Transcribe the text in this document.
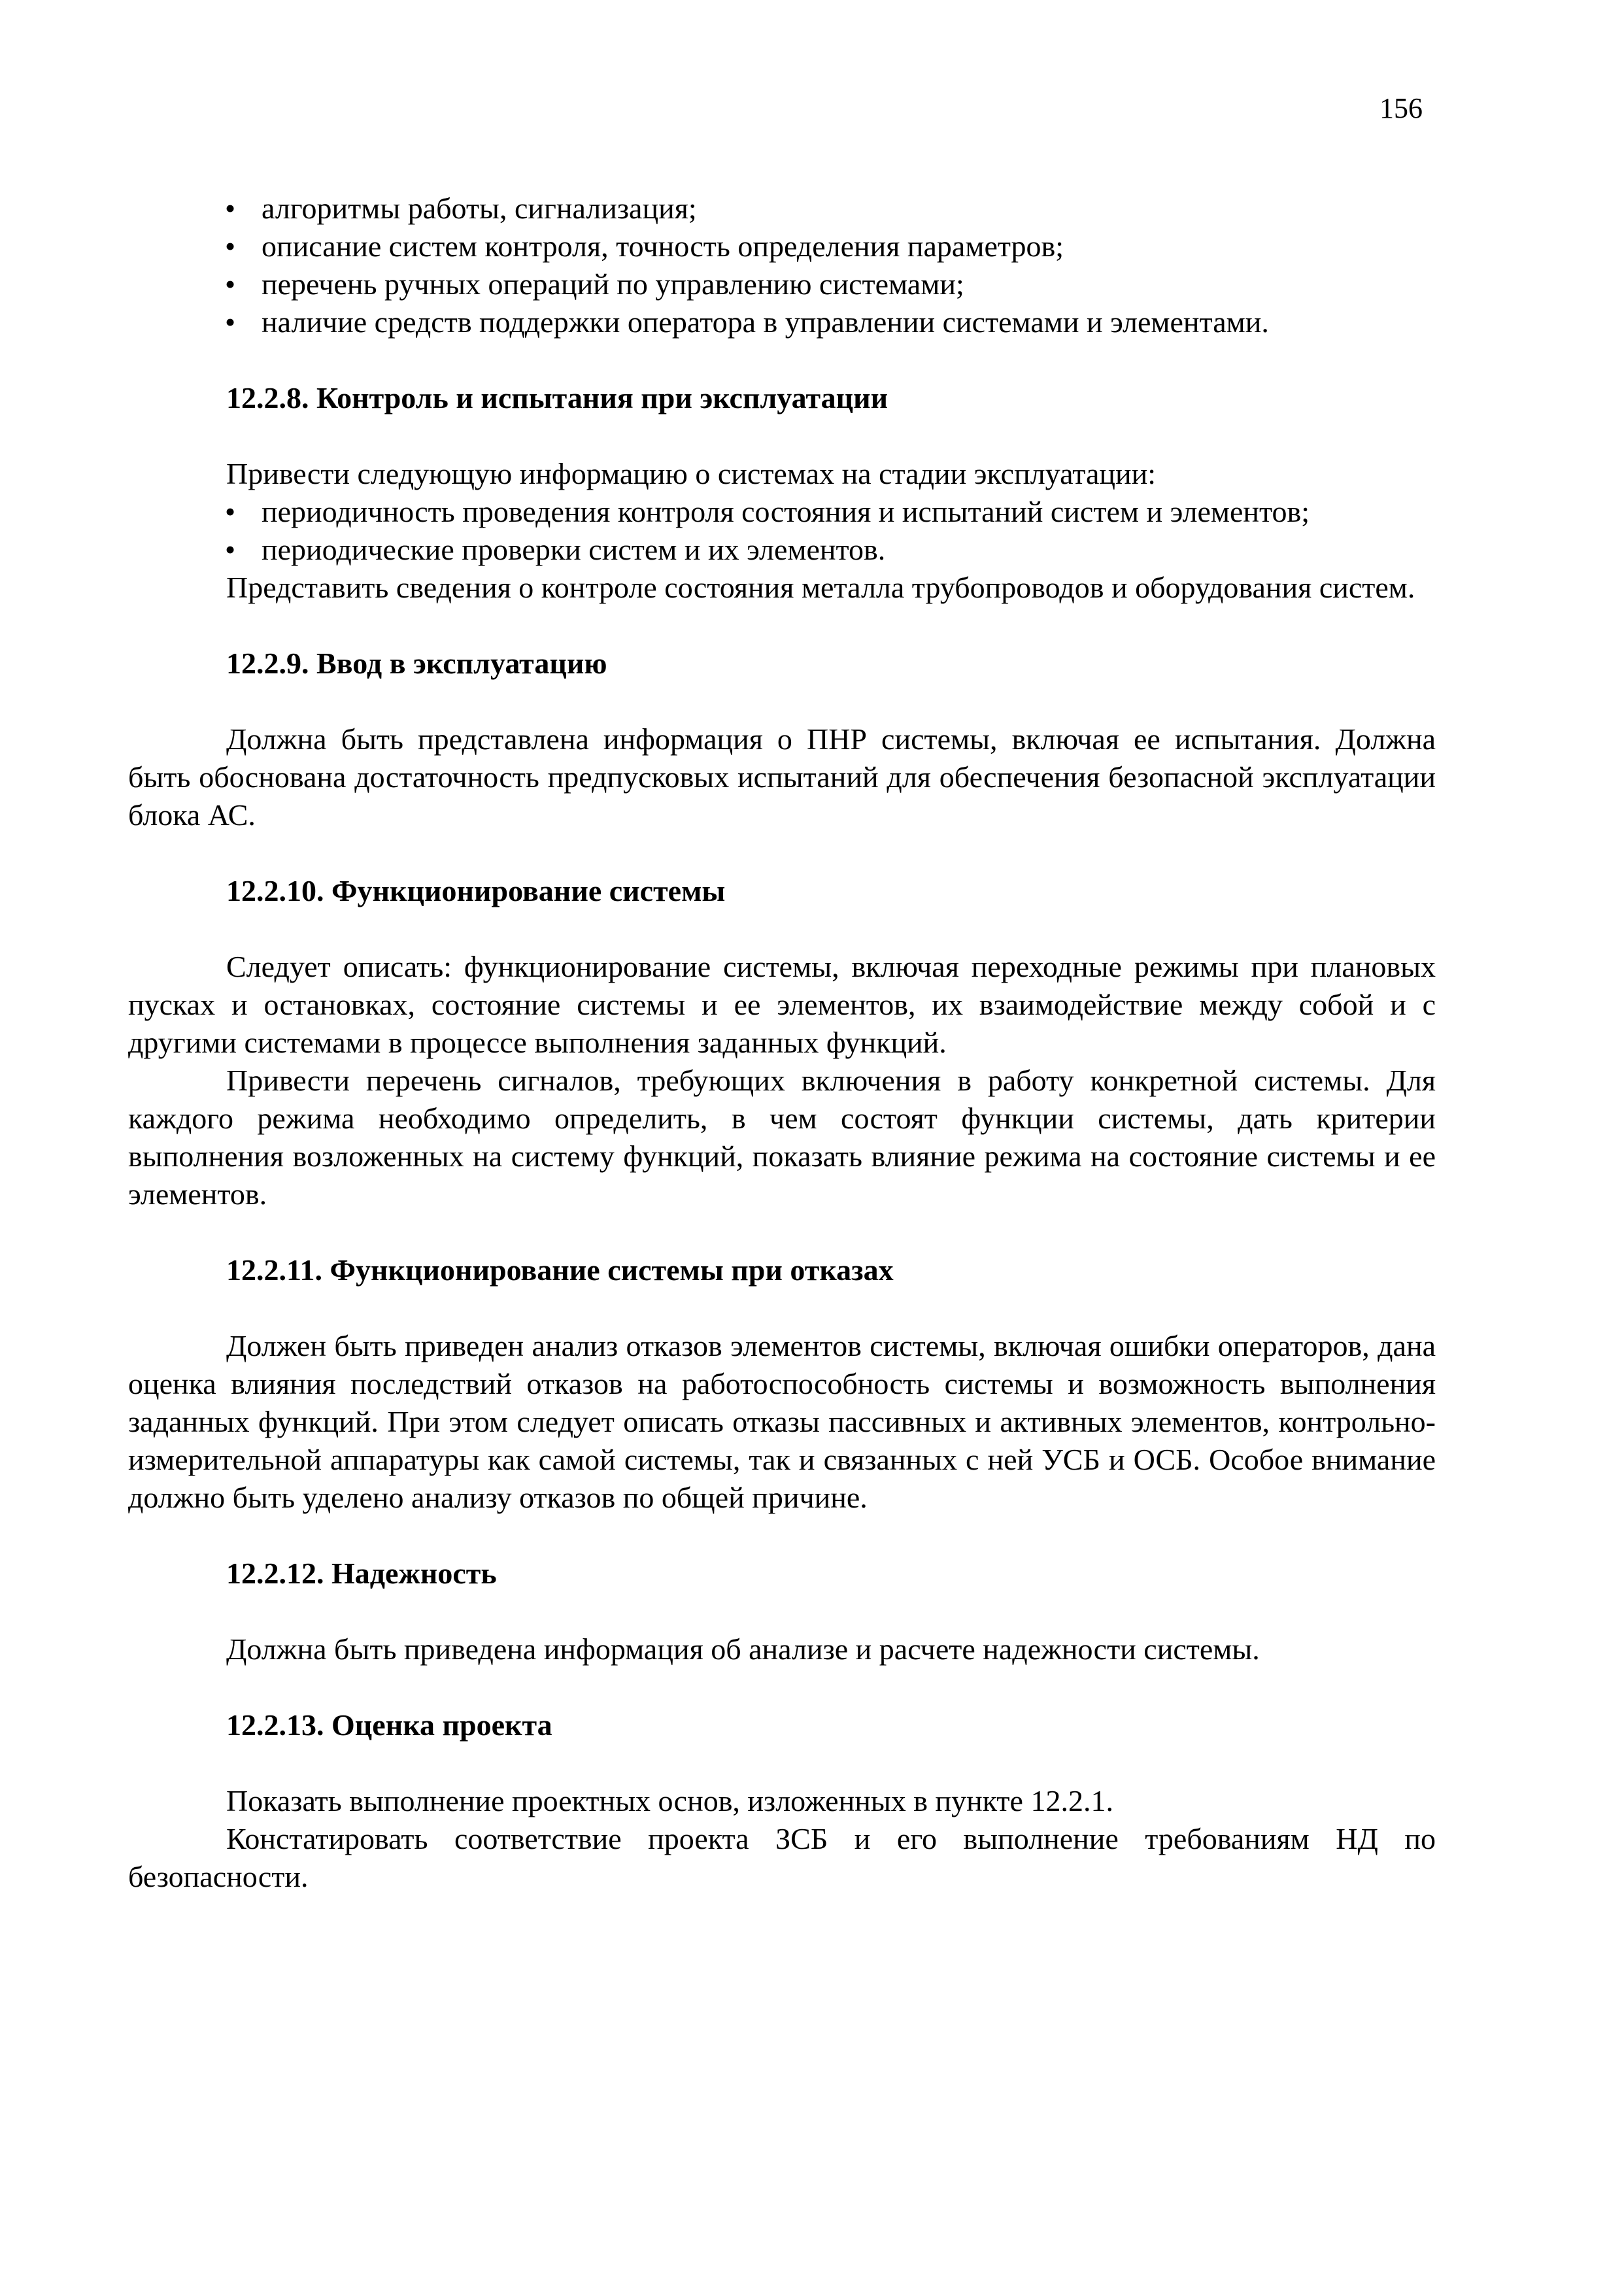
156
• алгоритмы работы, сигнализация;
• описание систем контроля, точность определения параметров;
• перечень ручных операций по управлению системами;
• наличие средств поддержки оператора в управлении системами и элементами.
12.2.8. Контроль и испытания при эксплуатации

Привести следующую информацию о системах на стадии эксплуатации:

• периодичность проведения контроля состояния и испытаний систем и элементов;
• периодические проверки систем и их элементов.

Представить сведения о контроле состояния металла трубопроводов и оборудования систем.

12.2.9. Ввод в эксплуатацию

Должна быть представлена информация о ПНР системы, включая ее испытания. Должна быть обоснована достаточность предпусковых испытаний для обеспечения безопасной эксплуатации блока АС.

12.2.10. Функционирование системы

Следует описать: функционирование системы, включая переходные режимы при плановых пусках и остановках, состояние системы и ее элементов, их взаимодействие между собой и с другими системами в процессе выполнения заданных функций.

Привести перечень сигналов, требующих включения в работу конкретной системы. Для каждого режима необходимо определить, в чем состоят функции системы, дать критерии выполнения возложенных на систему функций, показать влияние режима на состояние системы и ее элементов.

12.2.11. Функционирование системы при отказах

Должен быть приведен анализ отказов элементов системы, включая ошибки операторов, дана оценка влияния последствий отказов на работоспособность системы и возможность выполнения заданных функций. При этом следует описать отказы пассивных и активных элементов, контрольно-измерительной аппаратуры как самой системы, так и связанных с ней УСБ и ОСБ. Особое внимание должно быть уделено анализу отказов по общей причине.

12.2.12. Надежность

Должна быть приведена информация об анализе и расчете надежности системы.

12.2.13. Оценка проекта

Показать выполнение проектных основ, изложенных в пункте 12.2.1.

Констатировать соответствие проекта ЗСБ и его выполнение требованиям НД по безопасности.
